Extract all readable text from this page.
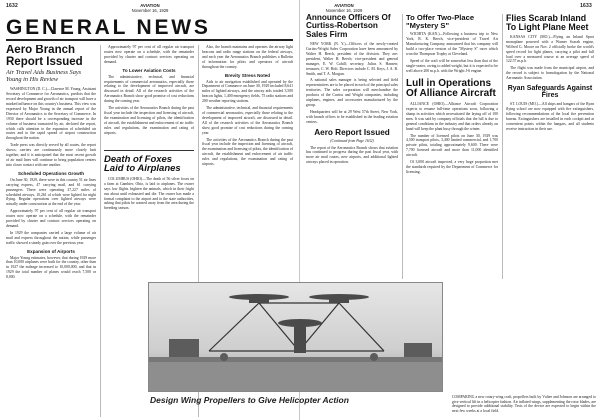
1632	AVIATION
November 16, 1929
GENERAL NEWS
Aero Branch Report Issued
Air Travel Aids Business Says Young in His Review

WASHINGTON (D. C.)—Clarence M. Young, Assistant Secretary of Commerce for Aeronautics, predicts that the record development and growth of air transport will have a marked influence on this country's business. This view was expressed by Major Young in the annual report of the Director of Aeronautics to the Secretary of Commerce. In 1930 there should be a corresponding increase in the volume of business transacted by air, declared the report, which calls attention to the expansion of scheduled air routes and to the rapid spread of airport construction throughout the nation.

Trade press was directly served by all routes, the report shows; carriers are continuously more closely knit together, and it is anticipated that the most recent growth of air mail lines will continue to bring population centers into closer contact with one another.

Scheduled Operations Growth

On June 30, 1929, there were in this country 51 air lines carrying express, 47 carrying mail, and 61 carrying passengers. There were operating 27,227 miles of scheduled airways, 10,261 of which were lighted for night flying. Regular operations over lighted airways were actually under construction at the end of the year.

Approximately 97 per cent of all regular air transport routes now operate on a schedule, with the remainder provided by charter and contract services operating on demand.

In 1929 the companies carried a large volume of air mail and express throughout the nation, while passenger traffic showed a steady gain over the previous year.

Expansion of Airports

Major Young estimates, however, that during 1929 more than 10,000 airplanes were built for the country, other than in 1927 the mileage increased to 10,000,000, and that in 1929 the total number of planes would reach 7,500 or 8,000.

Approximately 97 per cent of all regular air transport routes now operate on a schedule, with the remainder provided by charter and contract services operating on demand.

To Lower Aviation Costs

The administrative, technical, and financial requirements of commercial aeronautics, especially those relating to the development of improved aircraft, are discussed in detail. All of the research activities of the Aeronautics Branch show good promise of cost reductions during the coming year.

The activities of the Aeronautics Branch during the past fiscal year include the inspection and licensing of aircraft, the examination and licensing of pilots, the identification of aircraft, the establishment and enforcement of air traffic rules and regulations, the examination and rating of airports.

Death of Foxes Laid to Airplanes

COLUMBUS (OHIO)—The death of 56 silver foxes on a farm at Gambier, Ohio, is laid to airplanes. The owner says low flights frighten the animals, which in their fright run about until exhausted and die. The owner has made a formal complaint to the airport and to the state authorities, asking that pilots be warned away from the area during the breeding season.

Also, the branch maintains and operates the airway light beacons and radio range stations on the federal airways, and each year the Aeronautics Branch publishes a Bulletin of information for pilots and operators of aircraft throughout the country.

Brevity Stress Noted

Aids to air navigation established and operated by the Department of Commerce on June 30, 1929 included 8,641 miles of lighted airways, and the airway aids totaled 3,500 beacon lights, 1,400 emergency fields, 75 radio stations and 200 weather reporting stations.

The administrative, technical, and financial requirements of commercial aeronautics, especially those relating to the development of improved aircraft, are discussed in detail. All of the research activities of the Aeronautics Branch show good promise of cost reductions during the coming year.

The activities of the Aeronautics Branch during the past fiscal year include the inspection and licensing of aircraft, the examination and licensing of pilots, the identification of aircraft, the establishment and enforcement of air traffic rules and regulations, the examination and rating of airports.

AVIATION
November 16, 1929
1633
Announce Officers Of Curtiss-Robertson Sales Firm

NEW YORK (N. Y.)—Officers of the newly-created Curtiss-Wright Sales Corporation have been announced by Walter H. Beech, president of the division. They are: president, Walter H. Beech; vice-president and general manager, E. W. Cahill; secretary, Julius S. Hansen; treasurer, C. W. Holt. Directors include C. M. Keys, J. A. B. Smith, and T. A. Morgan.

A national sales manager is being selected and field representatives are to be placed in each of the principal sales territories. The sales corporation will merchandise the products of the Curtiss and Wright companies, including airplanes, engines, and accessories manufactured by the group.

Headquarters will be at 29 West 57th Street, New York, with branch offices to be established in the leading aviation centers.

Aero Report Issued
(Continued from Page 1632)

The report of the Aeronautics Branch shows that aviation has continued to progress during the past fiscal year, with more air mail routes, new airports, and additional lighted airways placed in operation.

To Offer Two-Place "Mystery S"

WICHITA (KAN.)—Following a business trip to New York, R. K. Beech, vice-president of Travel Air Manufacturing Company, announced that his company will build a two-place version of the "Mystery S" racer which won the Thompson Trophy at Cleveland.

Speed of the craft will be somewhat less than that of the single-seater, owing to added weight, but it is expected to be well above 200 m.p.h. with the Wright J-6 engine.

Lull in Operations Of Alliance Aircraft

ALLIANCE (OHIO)—Alliance Aircraft Corporation expects to resume full-time operations soon, following a slump in activities which necessitated the laying off of 100 men. It was said by company officials that the lull is due to general conditions in the industry and that orders already on hand will keep the plant busy through the winter.

The number of licensed pilots on June 30, 1929 was 4,500 transport pilots, 3,400 limited commercial, and 1,700 private pilots, totaling approximately 9,600. There were 7,700 licensed aircraft and more than 11,000 identified aircraft.

Of 3,000 aircraft inspected, a very large proportion met the standards required by the Department of Commerce for licensing.

Flies Scarab Inland To Light Plane Meet

KANSAS CITY (MO.)—Flying an Inland Sport monoplane powered with a Warner Scarab engine, Wilfred G. Moore on Nov. 2 officially broke the world's speed record for light planes, carrying a pilot and full load over a measured course at an average speed of 122.57 m.p.h.

The flight was made from the municipal airport, and the record is subject to homologation by the National Aeronautic Association.

Ryan Safeguards Against Fires

ST. LOUIS (MO.)—All ships and hangars of the Ryan flying school are now equipped with fire extinguishers, following recommendations of the local fire prevention bureau. Extinguishers are installed in each cockpit and at convenient points within the hangars, and all students receive instruction in their use.

Design Wing Propellers to Give Helicopter Action	COMPARING a new rotary-wing craft, propellers built by Vultee and Johnson are arranged to give vertical lift in a helicopter fashion. Air inflated wings, supplementing the rotor blades, are designed to provide additional stability. Tests of the device are expected to begin within the next few weeks at a local field.
